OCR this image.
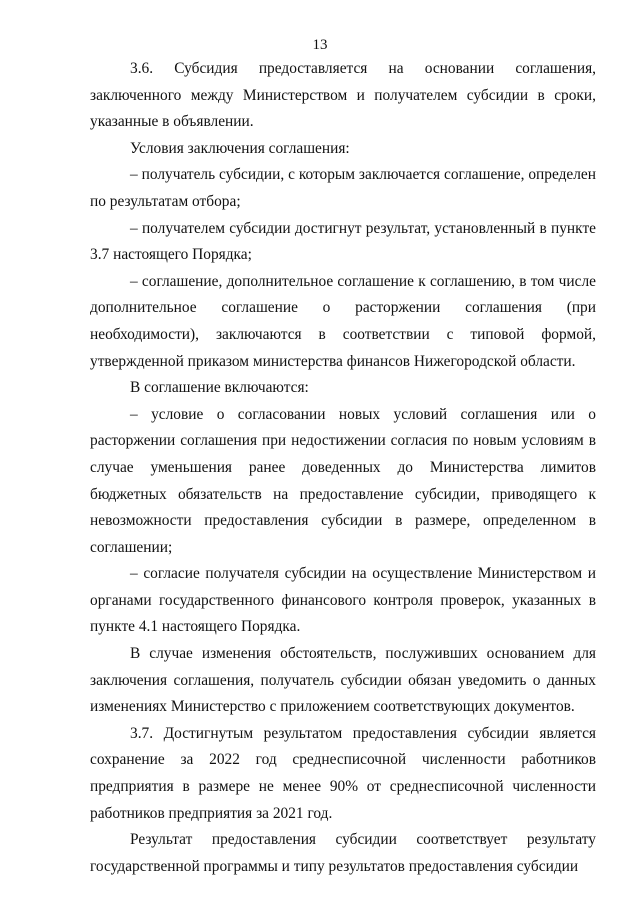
13

3.6. Субсидия предоставляется на основании соглашения, заключенного между Министерством и получателем субсидии в сроки, указанные в объявлении.

Условия заключения соглашения:

– получатель субсидии, с которым заключается соглашение, определен по результатам отбора;

– получателем субсидии достигнут результат, установленный в пункте 3.7 настоящего Порядка;

– соглашение, дополнительное соглашение к соглашению, в том числе дополнительное соглашение о расторжении соглашения (при необходимости), заключаются в соответствии с типовой формой, утвержденной приказом министерства финансов Нижегородской области.

В соглашение включаются:

– условие о согласовании новых условий соглашения или о расторжении соглашения при недостижении согласия по новым условиям в случае уменьшения ранее доведенных до Министерства лимитов бюджетных обязательств на предоставление субсидии, приводящего к невозможности предоставления субсидии в размере, определенном в соглашении;

– согласие получателя субсидии на осуществление Министерством и органами государственного финансового контроля проверок, указанных в пункте 4.1 настоящего Порядка.

В случае изменения обстоятельств, послуживших основанием для заключения соглашения, получатель субсидии обязан уведомить о данных изменениях Министерство с приложением соответствующих документов.

3.7. Достигнутым результатом предоставления субсидии является сохранение за 2022 год среднесписочной численности работников предприятия в размере не менее 90% от среднесписочной численности работников предприятия за 2021 год.

Результат предоставления субсидии соответствует результату государственной программы и типу результатов предоставления субсидии
